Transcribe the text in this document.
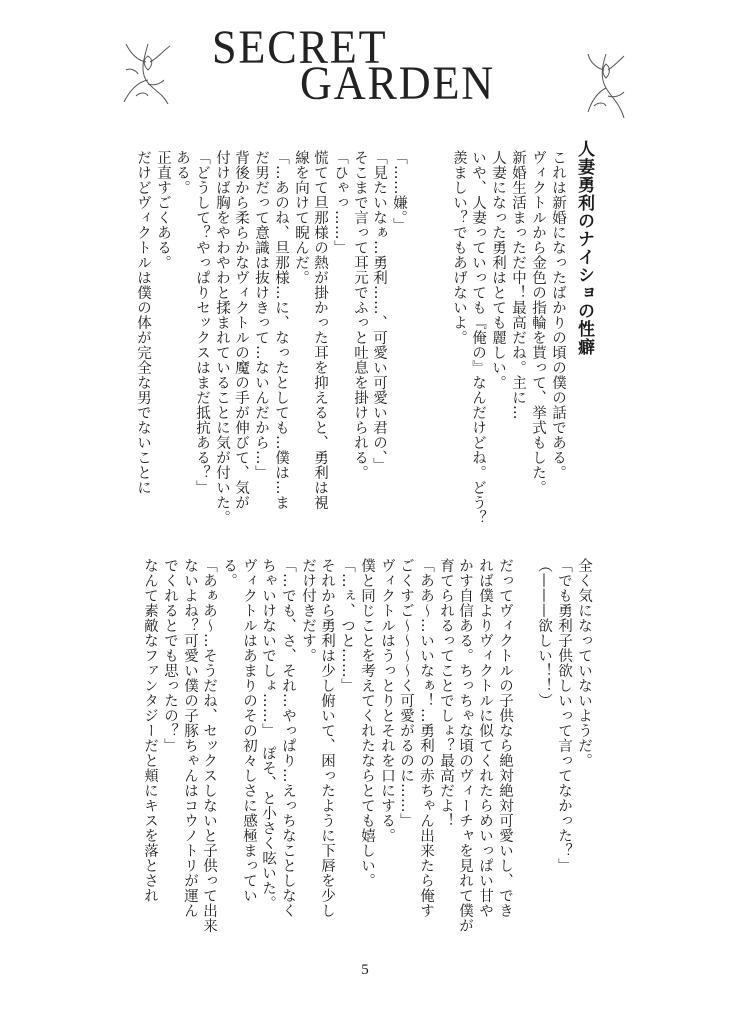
SECRET
GARDEN
人妻勇利のナイショの性癖
これは新婚になったばかりの頃の僕の話である。
ヴィクトルから金色の指輪を貰って、挙式もした。
新婚生活まっただ中！最高だね。主に…
人妻になった勇利はとても麗しい。
いや、人妻っていっても『俺の』なんだけどね。どう？
羨ましい？でもあげないよ。
「……嫌。」
「見たいなぁ…勇利……、可愛い可愛い君の、」
そこまで言って耳元でふっと吐息を掛けられる。
「ひゃっ……」
慌てて旦那様の熱が掛かった耳を抑えると、勇利は視
線を向けて睨んだ。
「…あのね、旦那様…に、なったとしても…僕は…ま
だ男だって意識は抜けきって…ないんだから…」
背後から柔らかなヴィクトルの魔の手が伸びて、気が
付けば胸をやわやわと揉まれていることに気が付いた。
「どうして？やっぱりセックスはまだ抵抗ある？」
ある。
正直すごくある。
だけどヴィクトルは僕の体が完全な男でないことに
全く気になっていないようだ。
「でも勇利子供欲しいって言ってなかった？」
（———欲しい！！）
だってヴィクトルの子供なら絶対絶対可愛いし、でき
れば僕よりヴィクトルに似てくれたらめいっぱい甘や
かす自信ある。ちっちゃな頃のヴィーチャを見れて僕が
育てられるってことでしょ？最高だよ！
「ああ～…いいなぁ！…勇利の赤ちゃん出来たら俺す
ごくすご～～～～く可愛がるのに……」
ヴィクトルはうっとりとそれを口にする。
僕と同じことを考えてくれたならとても嬉しい。
「…ぇ、つと……」
それから勇利は少し俯いて、困ったように下唇を少し
だけ付きだす。
「…でも、さ、それ…やっぱり…えっちなことしなく
ちゃいけないでしょ……」　ぽそ、と小さく呟いた。
ヴィクトルはあまりのその初々しさに感極まってい
る。
「あぁあ～…そうだね、セックスしないと子供って出来
ないよね？可愛い僕の子豚ちゃんはコウノトリが運ん
でくれるとでも思ったの？」
なんて素敵なファンタジーだと頬にキスを落とされ
5
